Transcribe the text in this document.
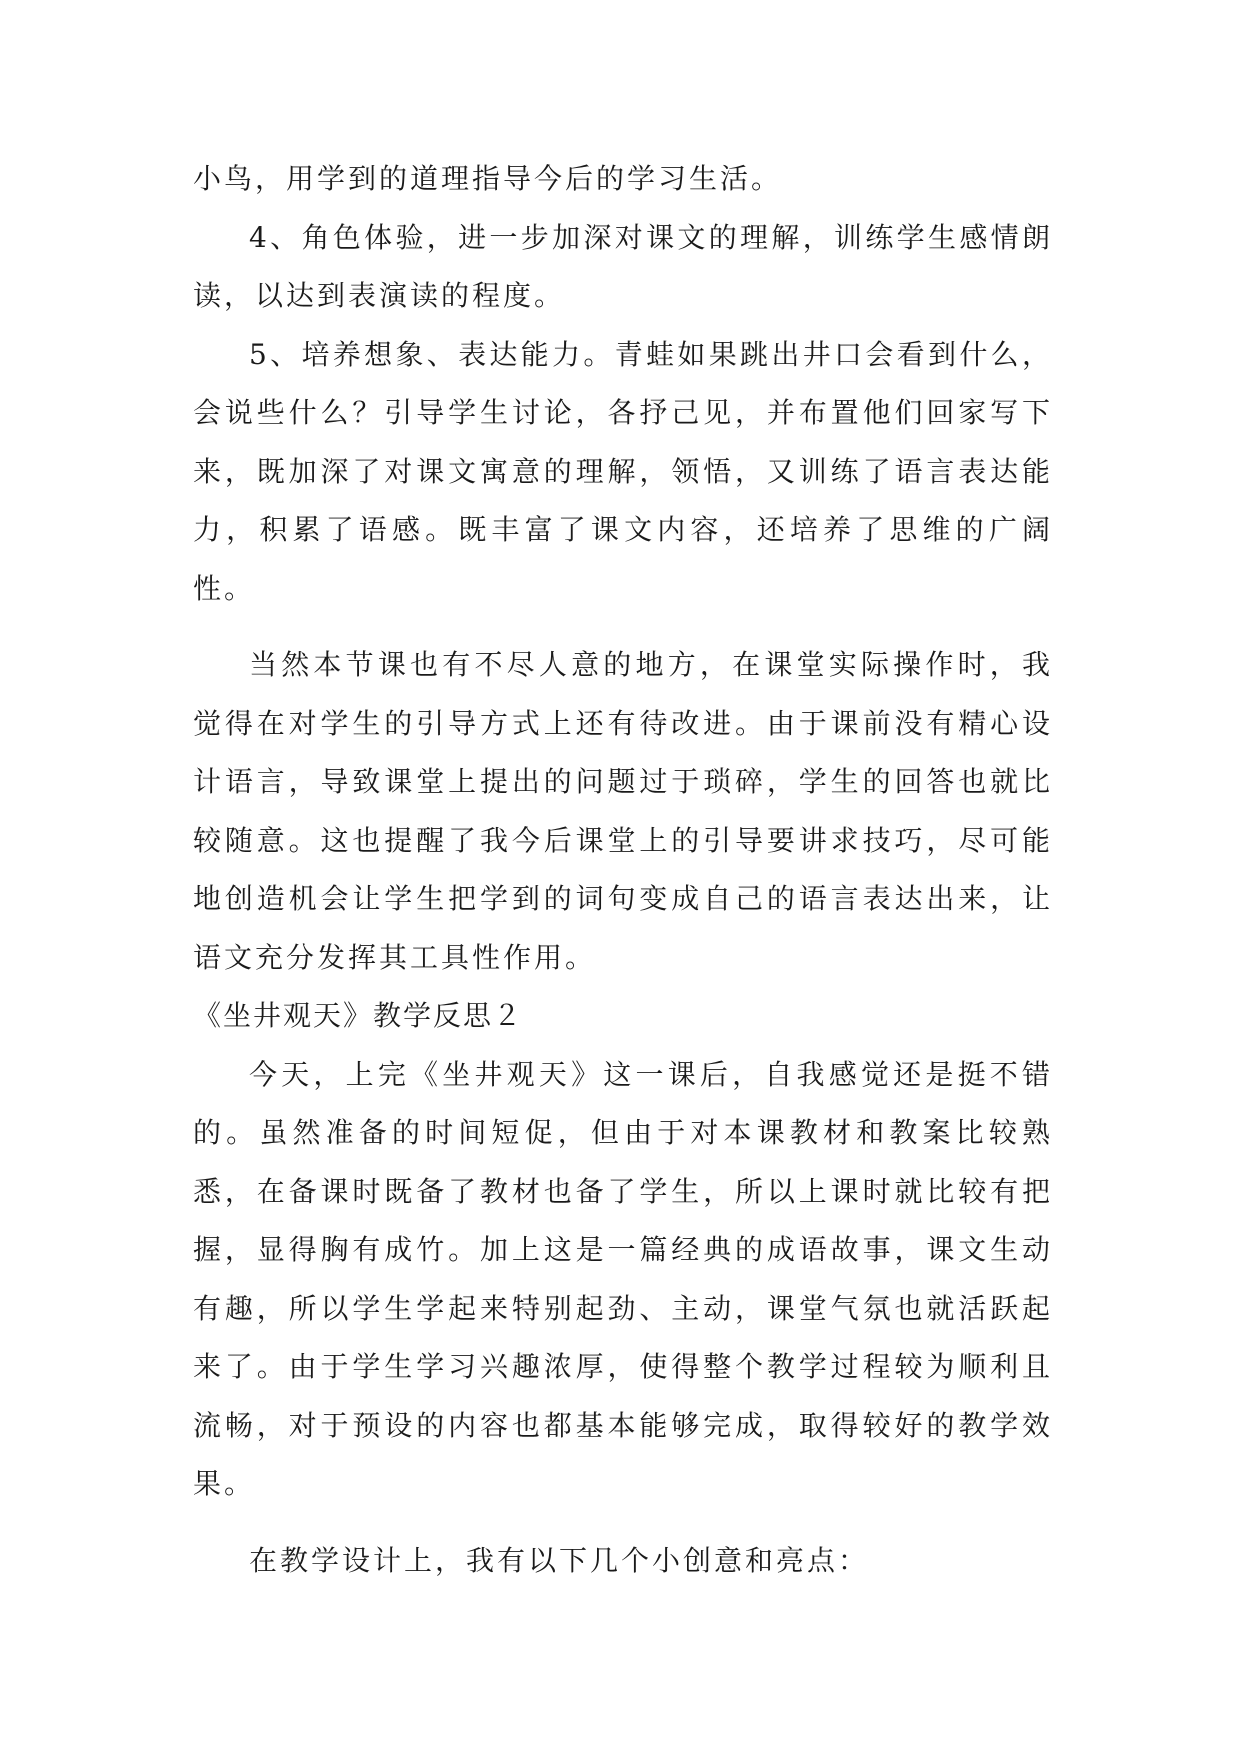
小鸟，用学到的道理指导今后的学习生活。

4、角色体验，进一步加深对课文的理解，训练学生感情朗读，以达到表演读的程度。

5、培养想象、表达能力。青蛙如果跳出井口会看到什么，会说些什么？引导学生讨论，各抒己见，并布置他们回家写下来，既加深了对课文寓意的理解，领悟，又训练了语言表达能力，积累了语感。既丰富了课文内容，还培养了思维的广阔性。

当然本节课也有不尽人意的地方，在课堂实际操作时，我觉得在对学生的引导方式上还有待改进。由于课前没有精心设计语言，导致课堂上提出的问题过于琐碎，学生的回答也就比较随意。这也提醒了我今后课堂上的引导要讲求技巧，尽可能地创造机会让学生把学到的词句变成自己的语言表达出来，让语文充分发挥其工具性作用。

《坐井观天》教学反思２

今天，上完《坐井观天》这一课后，自我感觉还是挺不错的。虽然准备的时间短促，但由于对本课教材和教案比较熟悉，在备课时既备了教材也备了学生，所以上课时就比较有把握，显得胸有成竹。加上这是一篇经典的成语故事，课文生动有趣，所以学生学起来特别起劲、主动，课堂气氛也就活跃起来了。由于学生学习兴趣浓厚，使得整个教学过程较为顺利且流畅，对于预设的内容也都基本能够完成，取得较好的教学效果。

在教学设计上，我有以下几个小创意和亮点：
